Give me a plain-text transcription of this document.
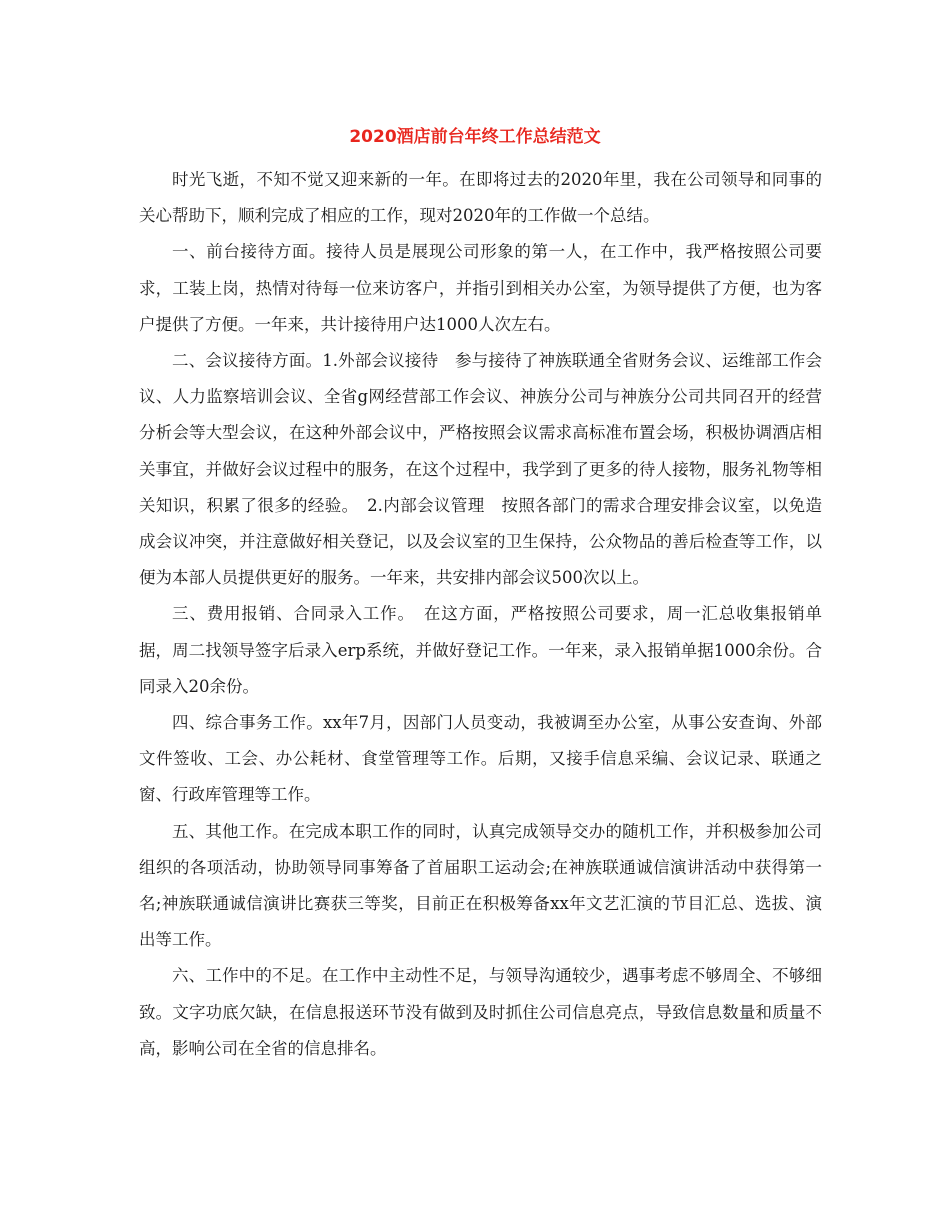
2020酒店前台年终工作总结范文

时光飞逝，不知不觉又迎来新的一年。在即将过去的2020年里，我在公司领导和同事的关心帮助下，顺利完成了相应的工作，现对2020年的工作做一个总结。

一、前台接待方面。接待人员是展现公司形象的第一人，在工作中，我严格按照公司要求，工装上岗，热情对待每一位来访客户，并指引到相关办公室，为领导提供了方便，也为客户提供了方便。一年来，共计接待用户达1000人次左右。

二、会议接待方面。1.外部会议接待　参与接待了神族联通全省财务会议、运维部工作会议、人力监察培训会议、全省g网经营部工作会议、神族分公司与神族分公司共同召开的经营分析会等大型会议，在这种外部会议中，严格按照会议需求高标准布置会场，积极协调酒店相关事宜，并做好会议过程中的服务，在这个过程中，我学到了更多的待人接物，服务礼物等相关知识，积累了很多的经验。　2.内部会议管理　按照各部门的需求合理安排会议室，以免造成会议冲突，并注意做好相关登记，以及会议室的卫生保持，公众物品的善后检查等工作，以便为本部人员提供更好的服务。一年来，共安排内部会议500次以上。

三、费用报销、合同录入工作。　在这方面，严格按照公司要求，周一汇总收集报销单据，周二找领导签字后录入erp系统，并做好登记工作。一年来，录入报销单据1000余份。合同录入20余份。

四、综合事务工作。xx年7月，因部门人员变动，我被调至办公室，从事公安查询、外部文件签收、工会、办公耗材、食堂管理等工作。后期，又接手信息采编、会议记录、联通之窗、行政库管理等工作。

五、其他工作。在完成本职工作的同时，认真完成领导交办的随机工作，并积极参加公司组织的各项活动，协助领导同事筹备了首届职工运动会;在神族联通诚信演讲活动中获得第一名;神族联通诚信演讲比赛获三等奖，目前正在积极筹备xx年文艺汇演的节目汇总、选拔、演出等工作。

六、工作中的不足。在工作中主动性不足，与领导沟通较少，遇事考虑不够周全、不够细致。文字功底欠缺，在信息报送环节没有做到及时抓住公司信息亮点，导致信息数量和质量不高，影响公司在全省的信息排名。
